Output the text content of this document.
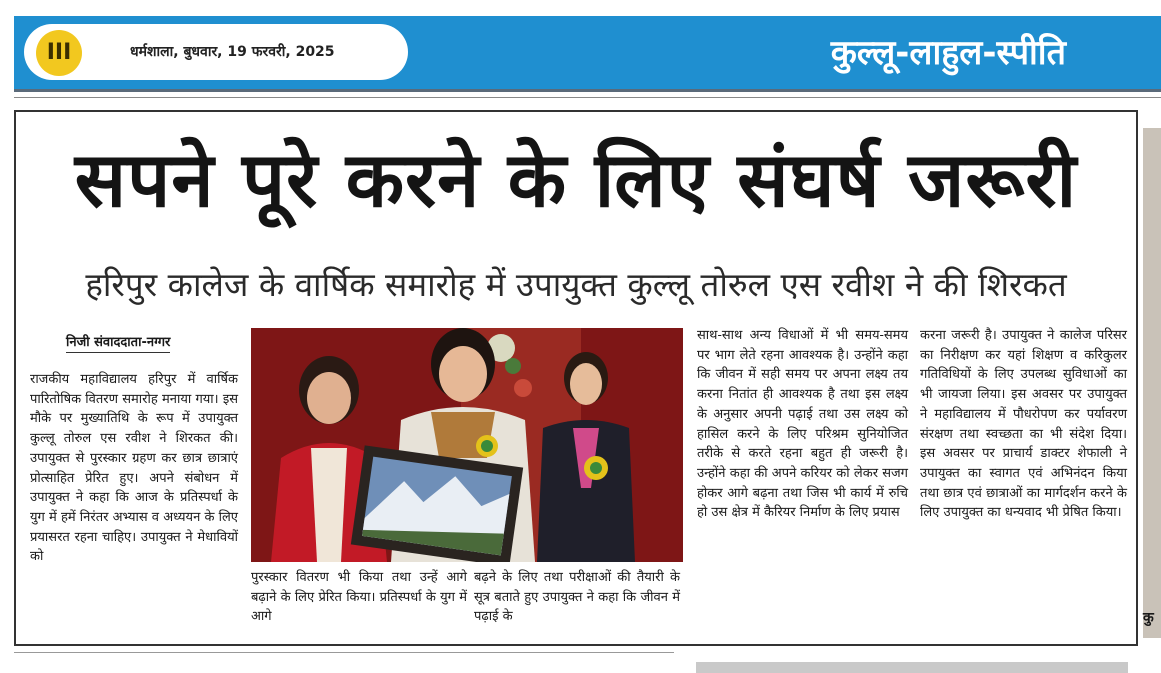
III	धर्मशाला, बुधवार, 19 फरवरी, 2025	कुल्लू-लाहुल-स्पीति
कु
सपने पूरे करने के लिए संघर्ष जरूरी
हरिपुर कालेज के वार्षिक समारोह में उपायुक्त कुल्लू तोरुल एस रवीश ने की शिरकत
निजी संवाददाता-नग्गर
राजकीय महाविद्यालय हरिपुर में वार्षिक पारितोषिक वितरण समारोह मनाया गया। इस मौके पर मुख्यातिथि के रूप में उपायुक्त कुल्लू तोरुल एस रवीश ने शिरकत की। उपायुक्त से पुरस्कार ग्रहण कर छात्र छात्राएं प्रोत्साहित प्रेरित हुए। अपने संबोधन में उपायुक्त ने कहा कि आज के प्रतिस्पर्धा के युग में हमें निरंतर अभ्यास व अध्ययन के लिए प्रयासरत रहना चाहिए। उपायुक्त ने मेधावियों को
पुरस्कार वितरण भी किया तथा उन्हें आगे बढ़ाने के लिए प्रेरित किया। प्रतिस्पर्धा के युग में आगे
बढ़ने के लिए तथा परीक्षाओं की तैयारी के सूत्र बताते हुए उपायुक्त ने कहा कि जीवन में पढ़ाई के
साथ-साथ अन्य विधाओं में भी समय-समय पर भाग लेते रहना आवश्यक है। उन्होंने कहा कि जीवन में सही समय पर अपना लक्ष्य तय करना नितांत ही आवश्यक है तथा इस लक्ष्य के अनुसार अपनी पढ़ाई तथा उस लक्ष्य को हासिल करने के लिए परिश्रम सुनियोजित तरीके से करते रहना बहुत ही जरूरी है। उन्होंने कहा की अपने करियर को लेकर सजग होकर आगे बढ़ना तथा जिस भी कार्य में रुचि हो उस क्षेत्र में कैरियर निर्माण के लिए प्रयास
करना जरूरी है। उपायुक्त ने कालेज परिसर का निरीक्षण कर यहां शिक्षण व करिकुलर गतिविधियों के लिए उपलब्ध सुविधाओं का भी जायजा लिया। इस अवसर पर उपायुक्त ने महाविद्यालय में पौधरोपण कर पर्यावरण संरक्षण तथा स्वच्छता का भी संदेश दिया। इस अवसर पर प्राचार्य डाक्टर शेफाली ने उपायुक्त का स्वागत एवं अभिनंदन किया तथा छात्र एवं छात्राओं का मार्गदर्शन करने के लिए उपायुक्त का धन्यवाद भी प्रेषित किया।
